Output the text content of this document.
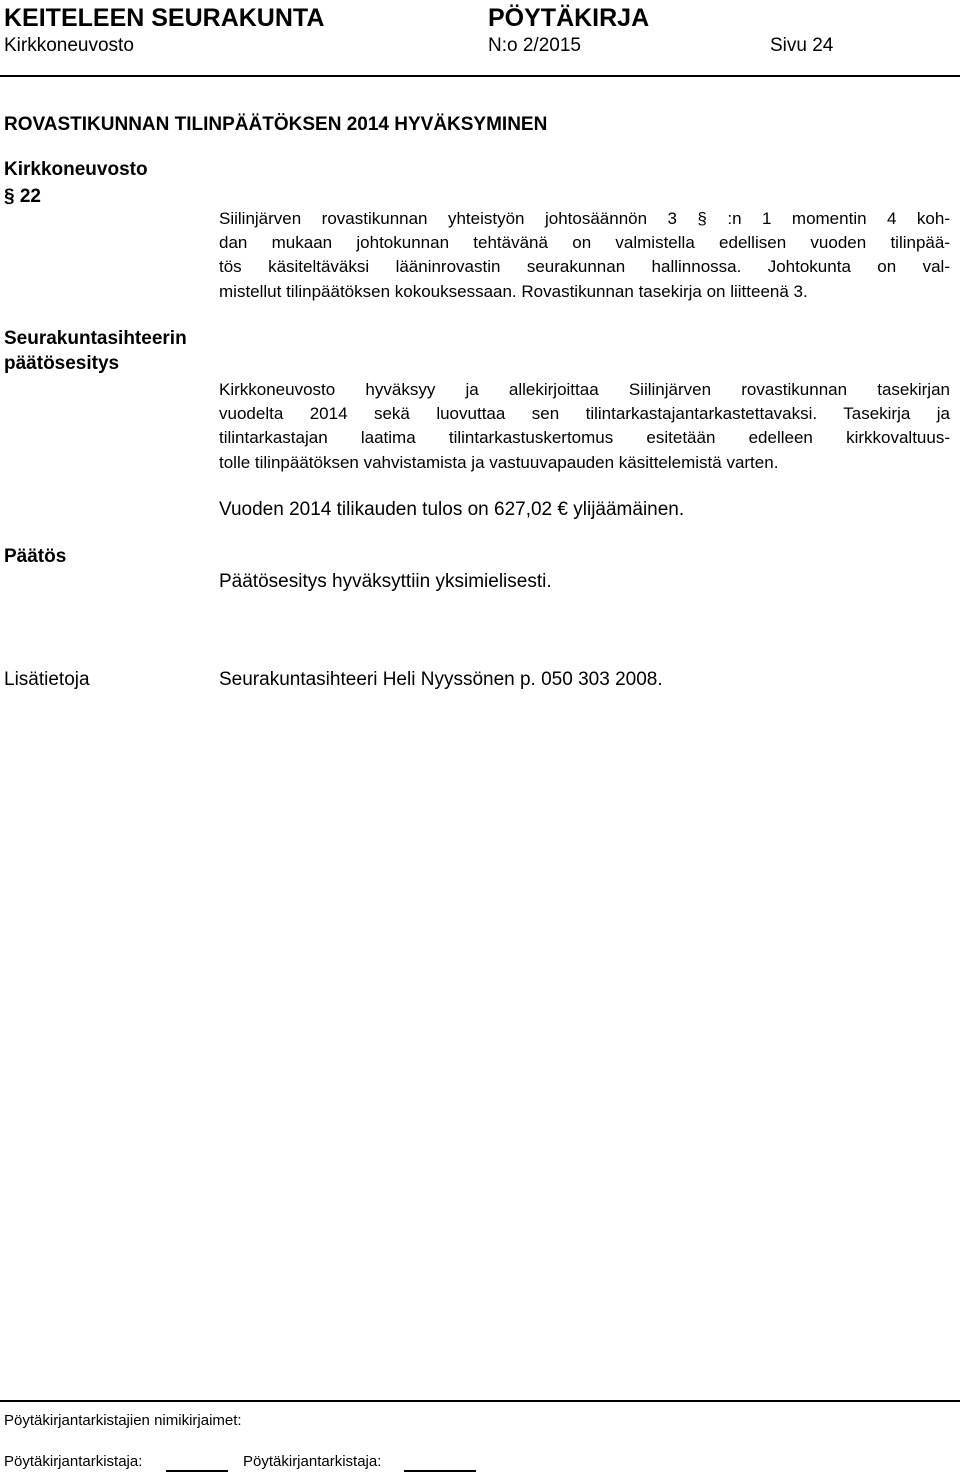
KEITELEEN SEURAKUNTA	PÖYTÄKIRJA
Kirkkoneuvosto	N:o 2/2015	Sivu 24
ROVASTIKUNNAN TILINPÄÄTÖKSEN 2014 HYVÄKSYMINEN
Kirkkoneuvosto
§ 22
Siilinjärven rovastikunnan yhteistyön johtosäännön 3 § :n 1 momentin 4 koh-
dan mukaan johtokunnan tehtävänä on valmistella edellisen vuoden tilinpää-
tös käsiteltäväksi lääninrovastin seurakunnan hallinnossa. Johtokunta on val-
mistellut tilinpäätöksen kokouksessaan. Rovastikunnan tasekirja on liitteenä 3.
Seurakuntasihteerin
päätösesitys
Kirkkoneuvosto hyväksyy ja allekirjoittaa Siilinjärven rovastikunnan tasekirjan
vuodelta 2014 sekä luovuttaa sen tilintarkastajantarkastettavaksi. Tasekirja ja
tilintarkastajan laatima tilintarkastuskertomus esitetään edelleen kirkkovaltuus-
tolle tilinpäätöksen vahvistamista ja vastuuvapauden käsittelemistä varten.
Vuoden 2014 tilikauden tulos on 627,02 € ylijäämäinen.
Päätös
Päätösesitys hyväksyttiin yksimielisesti.
Lisätietoja	Seurakuntasihteeri Heli Nyyssönen p. 050 303 2008.
Pöytäkirjantarkistajien nimikirjaimet:
Pöytäkirjantarkistaja:	Pöytäkirjantarkistaja:
